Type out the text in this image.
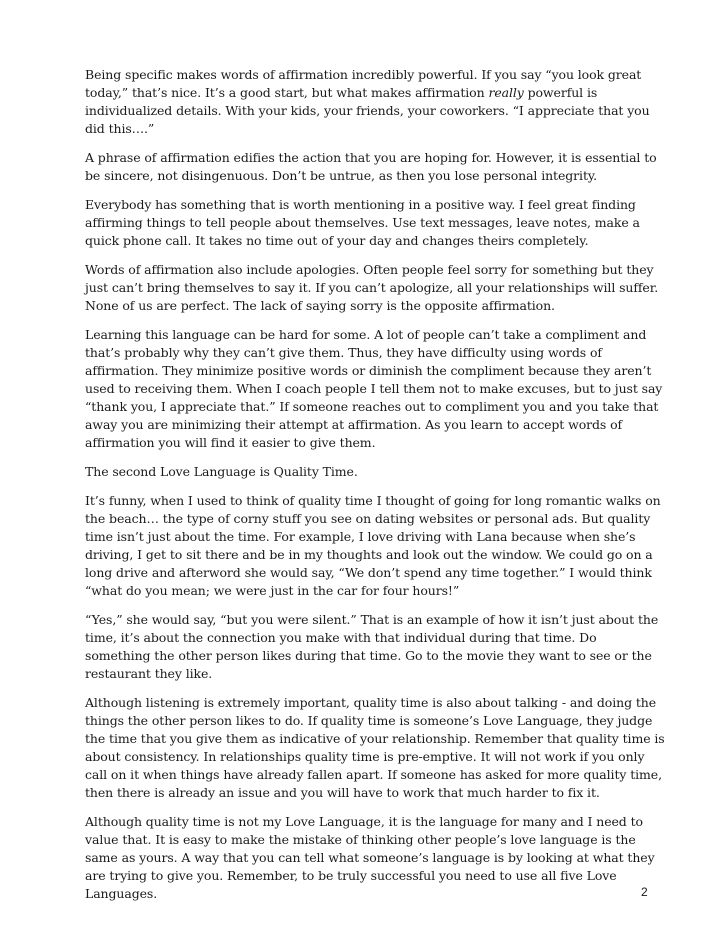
Being specific makes words of affirmation incredibly powerful. If you say “you look great today,” that’s nice. It’s a good start, but what makes affirmation really powerful is individualized details. With your kids, your friends, your coworkers. “I appreciate that you did this….”

A phrase of affirmation edifies the action that you are hoping for. However, it is essential to be sincere, not disingenuous. Don’t be untrue, as then you lose personal integrity.

Everybody has something that is worth mentioning in a positive way. I feel great finding affirming things to tell people about themselves. Use text messages, leave notes, make a quick phone call. It takes no time out of your day and changes theirs completely.

Words of affirmation also include apologies. Often people feel sorry for something but they just can’t bring themselves to say it. If you can’t apologize, all your relationships will suffer. None of us are perfect. The lack of saying sorry is the opposite affirmation.

Learning this language can be hard for some. A lot of people can’t take a compliment and that’s probably why they can’t give them. Thus, they have difficulty using words of affirmation. They minimize positive words or diminish the compliment because they aren’t used to receiving them. When I coach people I tell them not to make excuses, but to just say “thank you, I appreciate that.” If someone reaches out to compliment you and you take that away you are minimizing their attempt at affirmation. As you learn to accept words of affirmation you will find it easier to give them.

The second Love Language is Quality Time.

It’s funny, when I used to think of quality time I thought of going for long romantic walks on the beach… the type of corny stuff you see on dating websites or personal ads. But quality time isn’t just about the time. For example, I love driving with Lana because when she’s driving, I get to sit there and be in my thoughts and look out the window. We could go on a long drive and afterword she would say, “We don’t spend any time together.” I would think “what do you mean; we were just in the car for four hours!”

“Yes,” she would say, “but you were silent.” That is an example of how it isn’t just about the time, it’s about the connection you make with that individual during that time. Do something the other person likes during that time. Go to the movie they want to see or the restaurant they like.

Although listening is extremely important, quality time is also about talking - and doing the things the other person likes to do. If quality time is someone’s Love Language, they judge the time that you give them as indicative of your relationship. Remember that quality time is about consistency. In relationships quality time is pre-emptive. It will not work if you only call on it when things have already fallen apart. If someone has asked for more quality time, then there is already an issue and you will have to work that much harder to fix it.

Although quality time is not my Love Language, it is the language for many and I need to value that. It is easy to make the mistake of thinking other people’s love language is the same as yours. A way that you can tell what someone’s language is by looking at what they are trying to give you. Remember, to be truly successful you need to use all five Love Languages.	2
